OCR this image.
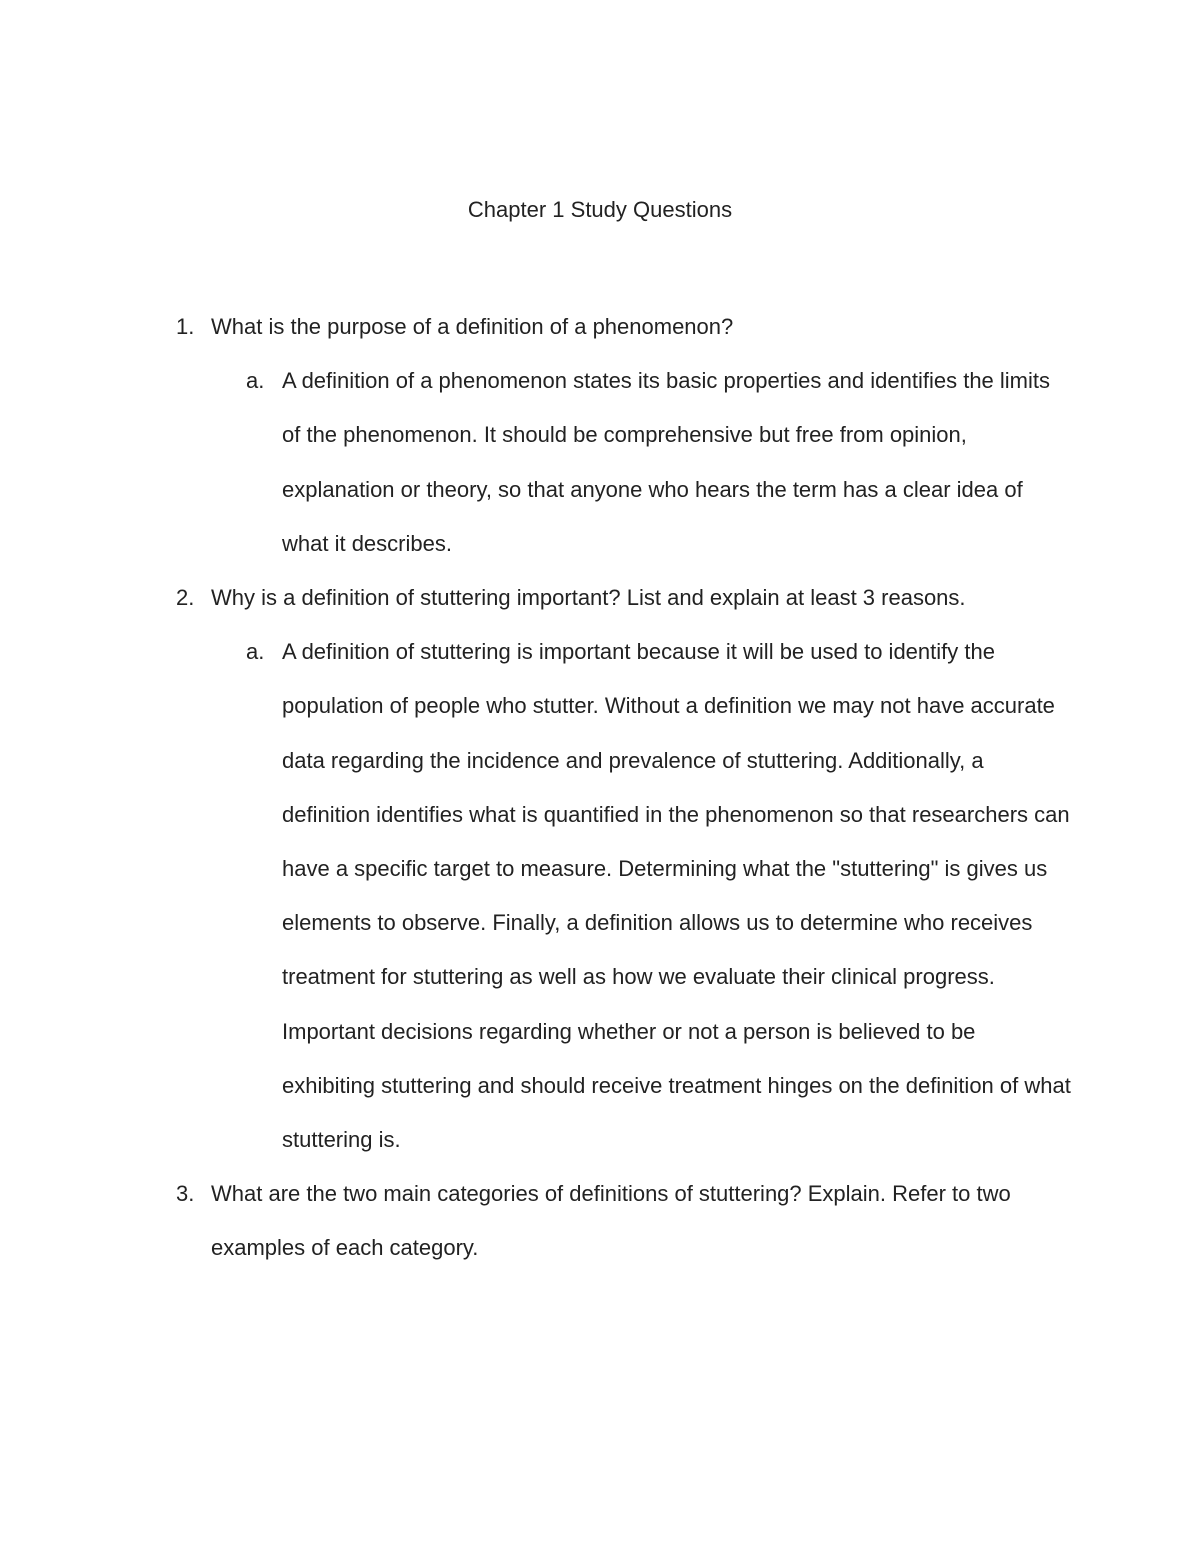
Chapter 1 Study Questions
1. What is the purpose of a definition of a phenomenon?
a. A definition of a phenomenon states its basic properties and identifies the limits of the phenomenon. It should be comprehensive but free from opinion, explanation or theory, so that anyone who hears the term has a clear idea of what it describes.
2. Why is a definition of stuttering important? List and explain at least 3 reasons.
a. A definition of stuttering is important because it will be used to identify the population of people who stutter. Without a definition we may not have accurate data regarding the incidence and prevalence of stuttering. Additionally, a definition identifies what is quantified in the phenomenon so that researchers can have a specific target to measure. Determining what the "stuttering" is gives us elements to observe. Finally, a definition allows us to determine who receives treatment for stuttering as well as how we evaluate their clinical progress. Important decisions regarding whether or not a person is believed to be exhibiting stuttering and should receive treatment hinges on the definition of what stuttering is.
3. What are the two main categories of definitions of stuttering? Explain. Refer to two examples of each category.
